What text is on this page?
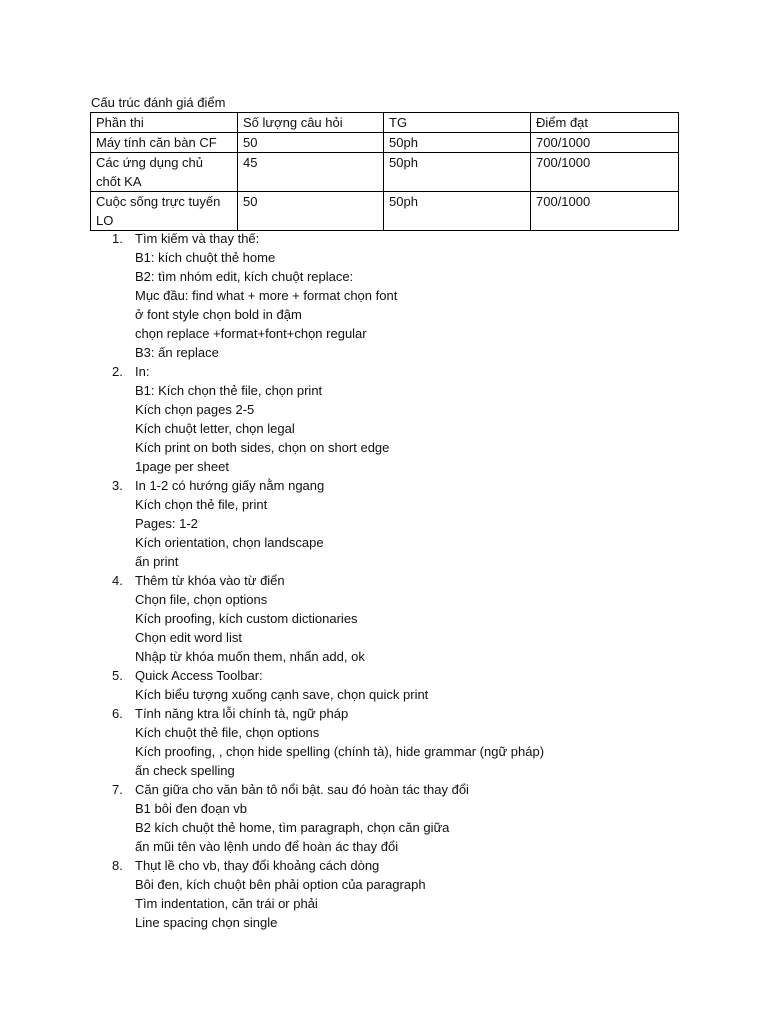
Cấu trúc đánh giá điểm
Phần thi	Số lượng câu hỏi	TG	Điểm đạt
Máy tính căn bàn CF	50	50ph	700/1000
Các ứng dụng chủ
chốt KA	45	50ph	700/1000
Cuộc sống trực tuyến
LO	50	50ph	700/1000
1. Tìm kiếm và thay thế:
B1: kích chuột thẻ home
B2: tìm nhóm edit, kích chuột replace:
Mục đầu: find what + more + format chọn font
ở font style chọn bold in đậm
chọn replace +format+font+chọn regular
B3: ấn replace
2. In:
B1: Kích chọn thẻ file, chọn print
Kích chọn pages 2-5
Kích chuột letter, chọn legal
Kích print on both sides, chọn on short edge
1page per sheet
3. In 1-2 có hướng giấy nằm ngang
Kích chọn thẻ file, print
Pages: 1-2
Kích orientation, chọn landscape
ấn print
4. Thêm từ khóa vào từ điển
Chọn file, chọn options
Kích proofing, kích custom dictionaries
Chọn edit word list
Nhập từ khóa muốn them, nhấn add, ok
5. Quick Access Toolbar:
Kích biểu tượng xuống cạnh save, chọn quick print
6. Tính năng ktra lỗi chính tà, ngữ pháp
Kích chuột thẻ file, chọn options
Kích proofing, , chọn hide spelling (chính tà), hide grammar (ngữ pháp)
ấn check spelling
7. Căn giữa cho văn bản tô nổi bật. sau đó hoàn tác thay đổi
B1 bôi đen đoạn vb
B2 kích chuột thẻ home, tìm paragraph, chọn căn giữa
ấn mũi tên vào lệnh undo để hoàn ác thay đổi
8. Thụt lề cho vb, thay đổi khoảng cách dòng
Bôi đen, kích chuột bên phải option của paragraph
Tìm indentation, căn trái or phải
Line spacing chọn single
